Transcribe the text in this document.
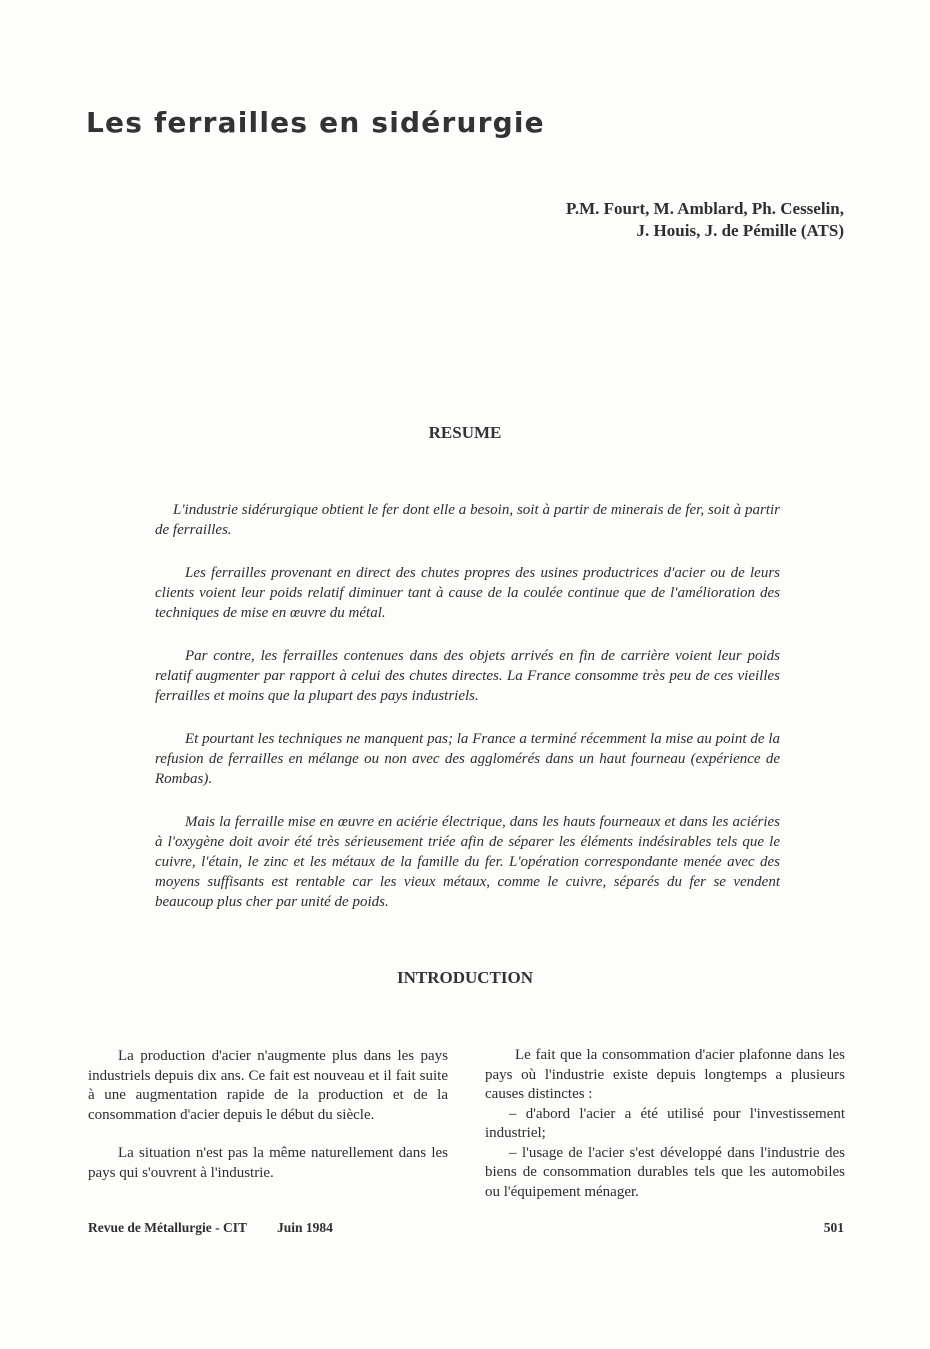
Les ferrailles en sidérurgie
P.M. Fourt, M. Amblard, Ph. Cesselin,
J. Houis, J. de Pémille (ATS)
RESUME

L'industrie sidérurgique obtient le fer dont elle a besoin, soit à partir de minerais de fer, soit à partir de ferrailles.

Les ferrailles provenant en direct des chutes propres des usines productrices d'acier ou de leurs clients voient leur poids relatif diminuer tant à cause de la coulée continue que de l'amélioration des techniques de mise en œuvre du métal.

Par contre, les ferrailles contenues dans des objets arrivés en fin de carrière voient leur poids relatif augmenter par rapport à celui des chutes directes. La France consomme très peu de ces vieilles ferrailles et moins que la plupart des pays industriels.

Et pourtant les techniques ne manquent pas; la France a terminé récemment la mise au point de la refusion de ferrailles en mélange ou non avec des agglomérés dans un haut fourneau (expérience de Rombas).

Mais la ferraille mise en œuvre en aciérie électrique, dans les hauts fourneaux et dans les aciéries à l'oxygène doit avoir été très sérieusement triée afin de séparer les éléments indésirables tels que le cuivre, l'étain, le zinc et les métaux de la famille du fer. L'opération correspondante menée avec des moyens suffisants est rentable car les vieux métaux, comme le cuivre, séparés du fer se vendent beaucoup plus cher par unité de poids.

INTRODUCTION

La production d'acier n'augmente plus dans les pays industriels depuis dix ans. Ce fait est nouveau et il fait suite à une augmentation rapide de la production et de la consommation d'acier depuis le début du siècle.

La situation n'est pas la même naturellement dans les pays qui s'ouvrent à l'industrie.

Le fait que la consommation d'acier plafonne dans les pays où l'industrie existe depuis longtemps a plusieurs causes distinctes :

– d'abord l'acier a été utilisé pour l'investissement industriel;

– l'usage de l'acier s'est développé dans l'industrie des biens de consommation durables tels que les automobiles ou l'équipement ménager.

Revue de Métallurgie - CIT Juin 1984	501
